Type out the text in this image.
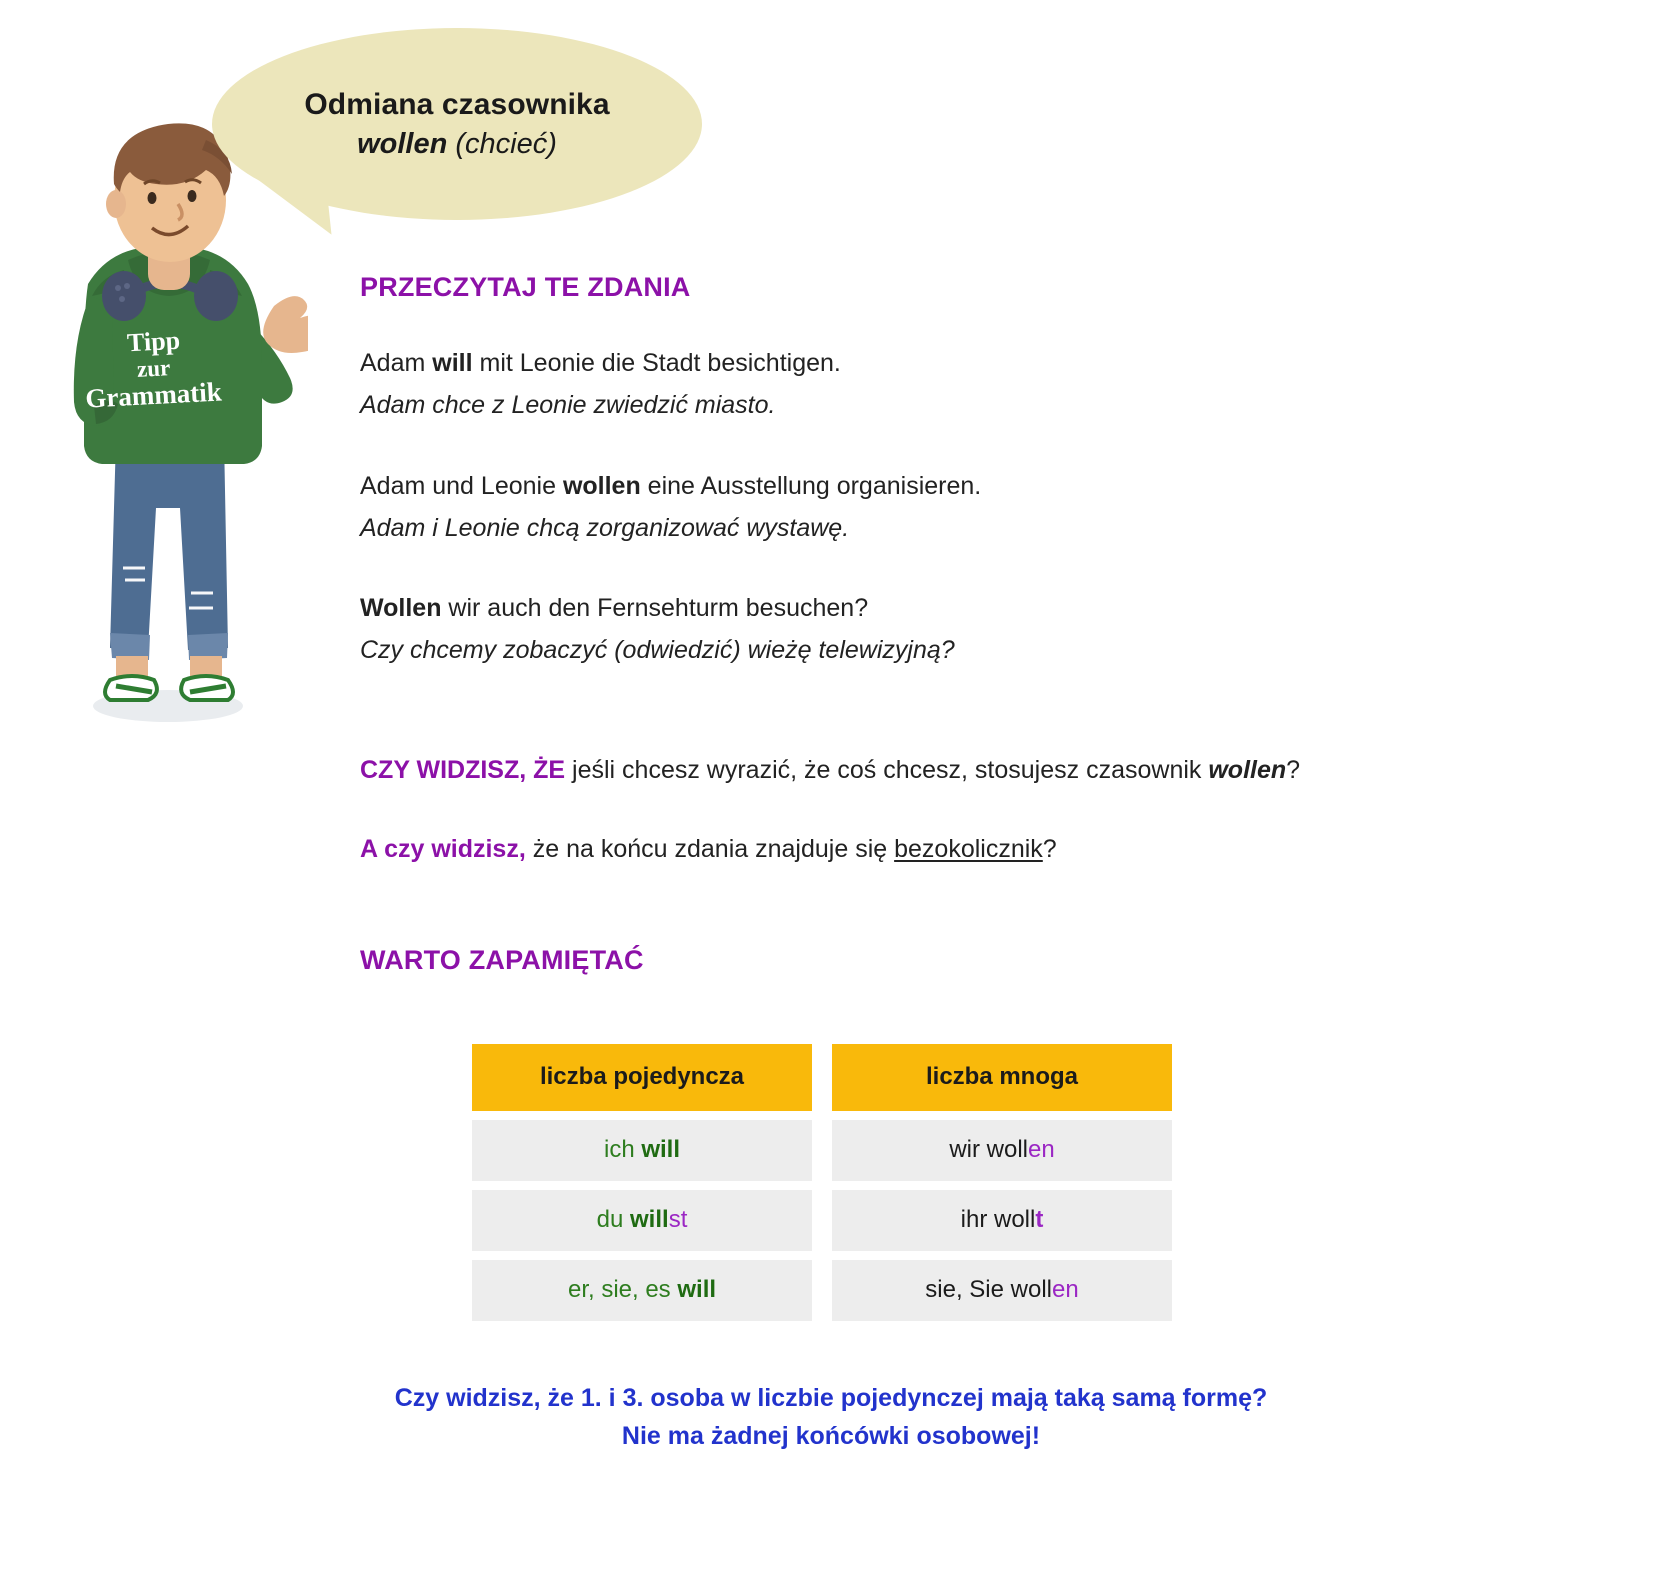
Tipp
zur
Grammatik
Odmiana czasownika
wollen (chcieć)
PRZECZYTAJ TE ZDANIA
Adam will mit Leonie die Stadt besichtigen.
Adam chce z Leonie zwiedzić miasto.
Adam und Leonie wollen eine Ausstellung organisieren.
Adam i Leonie chcą zorganizować wystawę.
Wollen wir auch den Fernsehturm besuchen?
Czy chcemy zobaczyć (odwiedzić) wieżę telewizyjną?
CZY WIDZISZ, ŻE jeśli chcesz wyrazić, że coś chcesz, stosujesz czasownik wollen?
A czy widzisz, że na końcu zdania znajduje się bezokolicznik?
WARTO ZAPAMIĘTAĆ
liczba pojedyncza
ich will
du willst
er, sie, es will
liczba mnoga
wir wollen
ihr wollt
sie, Sie wollen
Czy widzisz, że 1. i 3. osoba w liczbie pojedynczej mają taką samą formę?
Nie ma żadnej końcówki osobowej!
